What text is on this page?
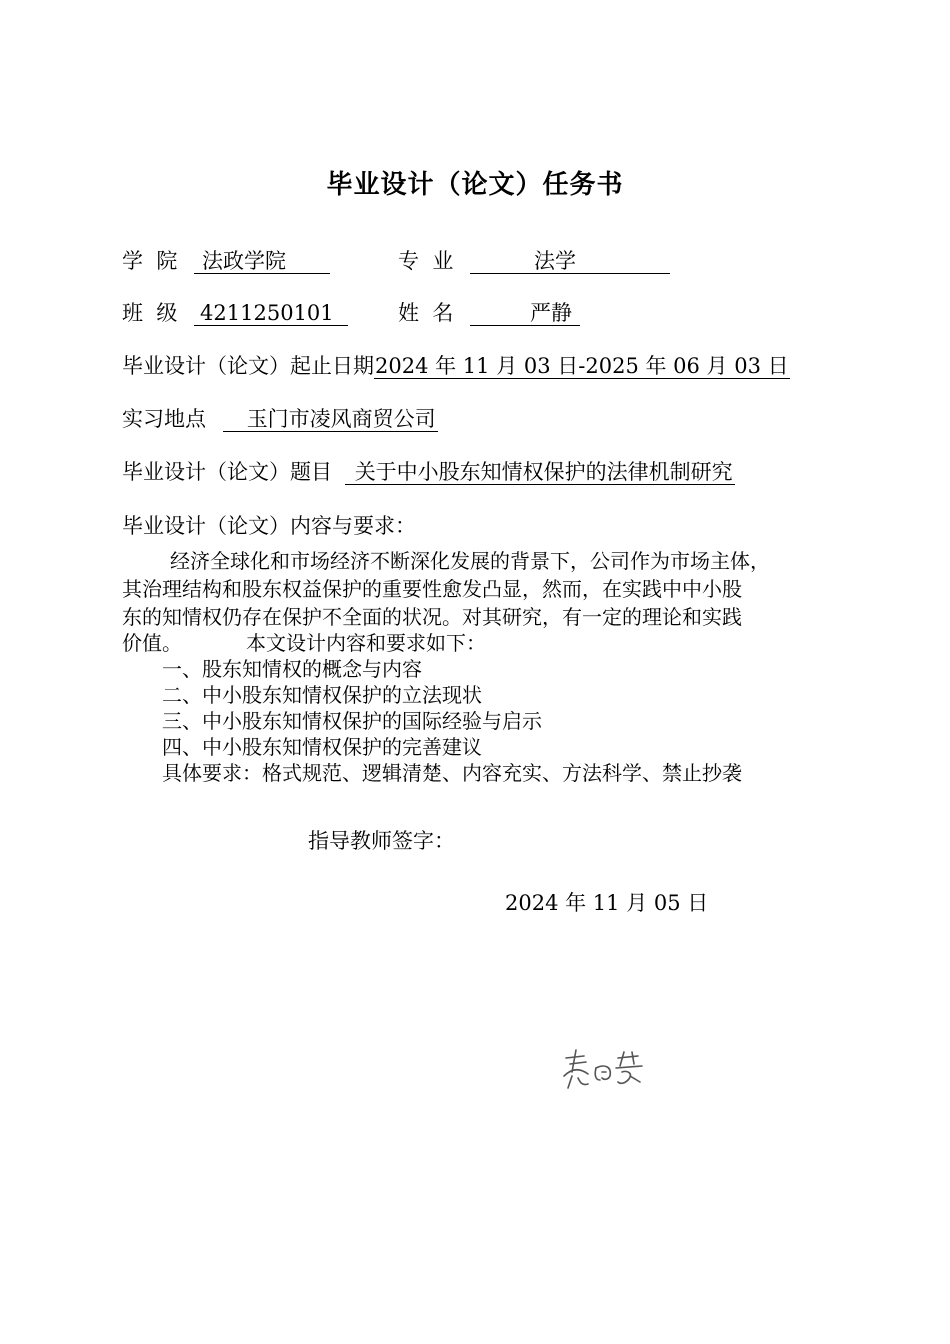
毕业设计（论文）任务书
学  院 法政学院	专  业	法学
班  级 4211250101	姓  名	严静
毕业设计（论文）起止日期2024 年 11 月 03 日-2025 年 06 月 03 日
实习地点 玉门市凌风商贸公司
毕业设计（论文）题目 关于中小股东知情权保护的法律机制研究
毕业设计（论文）内容与要求：
经济全球化和市场经济不断深化发展的背景下，公司作为市场主体，
其治理结构和股东权益保护的重要性愈发凸显，然而，在实践中中小股
东的知情权仍存在保护不全面的状况。对其研究，有一定的理论和实践
价值。	本文设计内容和要求如下：
一、股东知情权的概念与内容
二、中小股东知情权保护的立法现状
三、中小股东知情权保护的国际经验与启示
四、中小股东知情权保护的完善建议
具体要求：格式规范、逻辑清楚、内容充实、方法科学、禁止抄袭
指导教师签字：
2024 年 11 月 05 日
